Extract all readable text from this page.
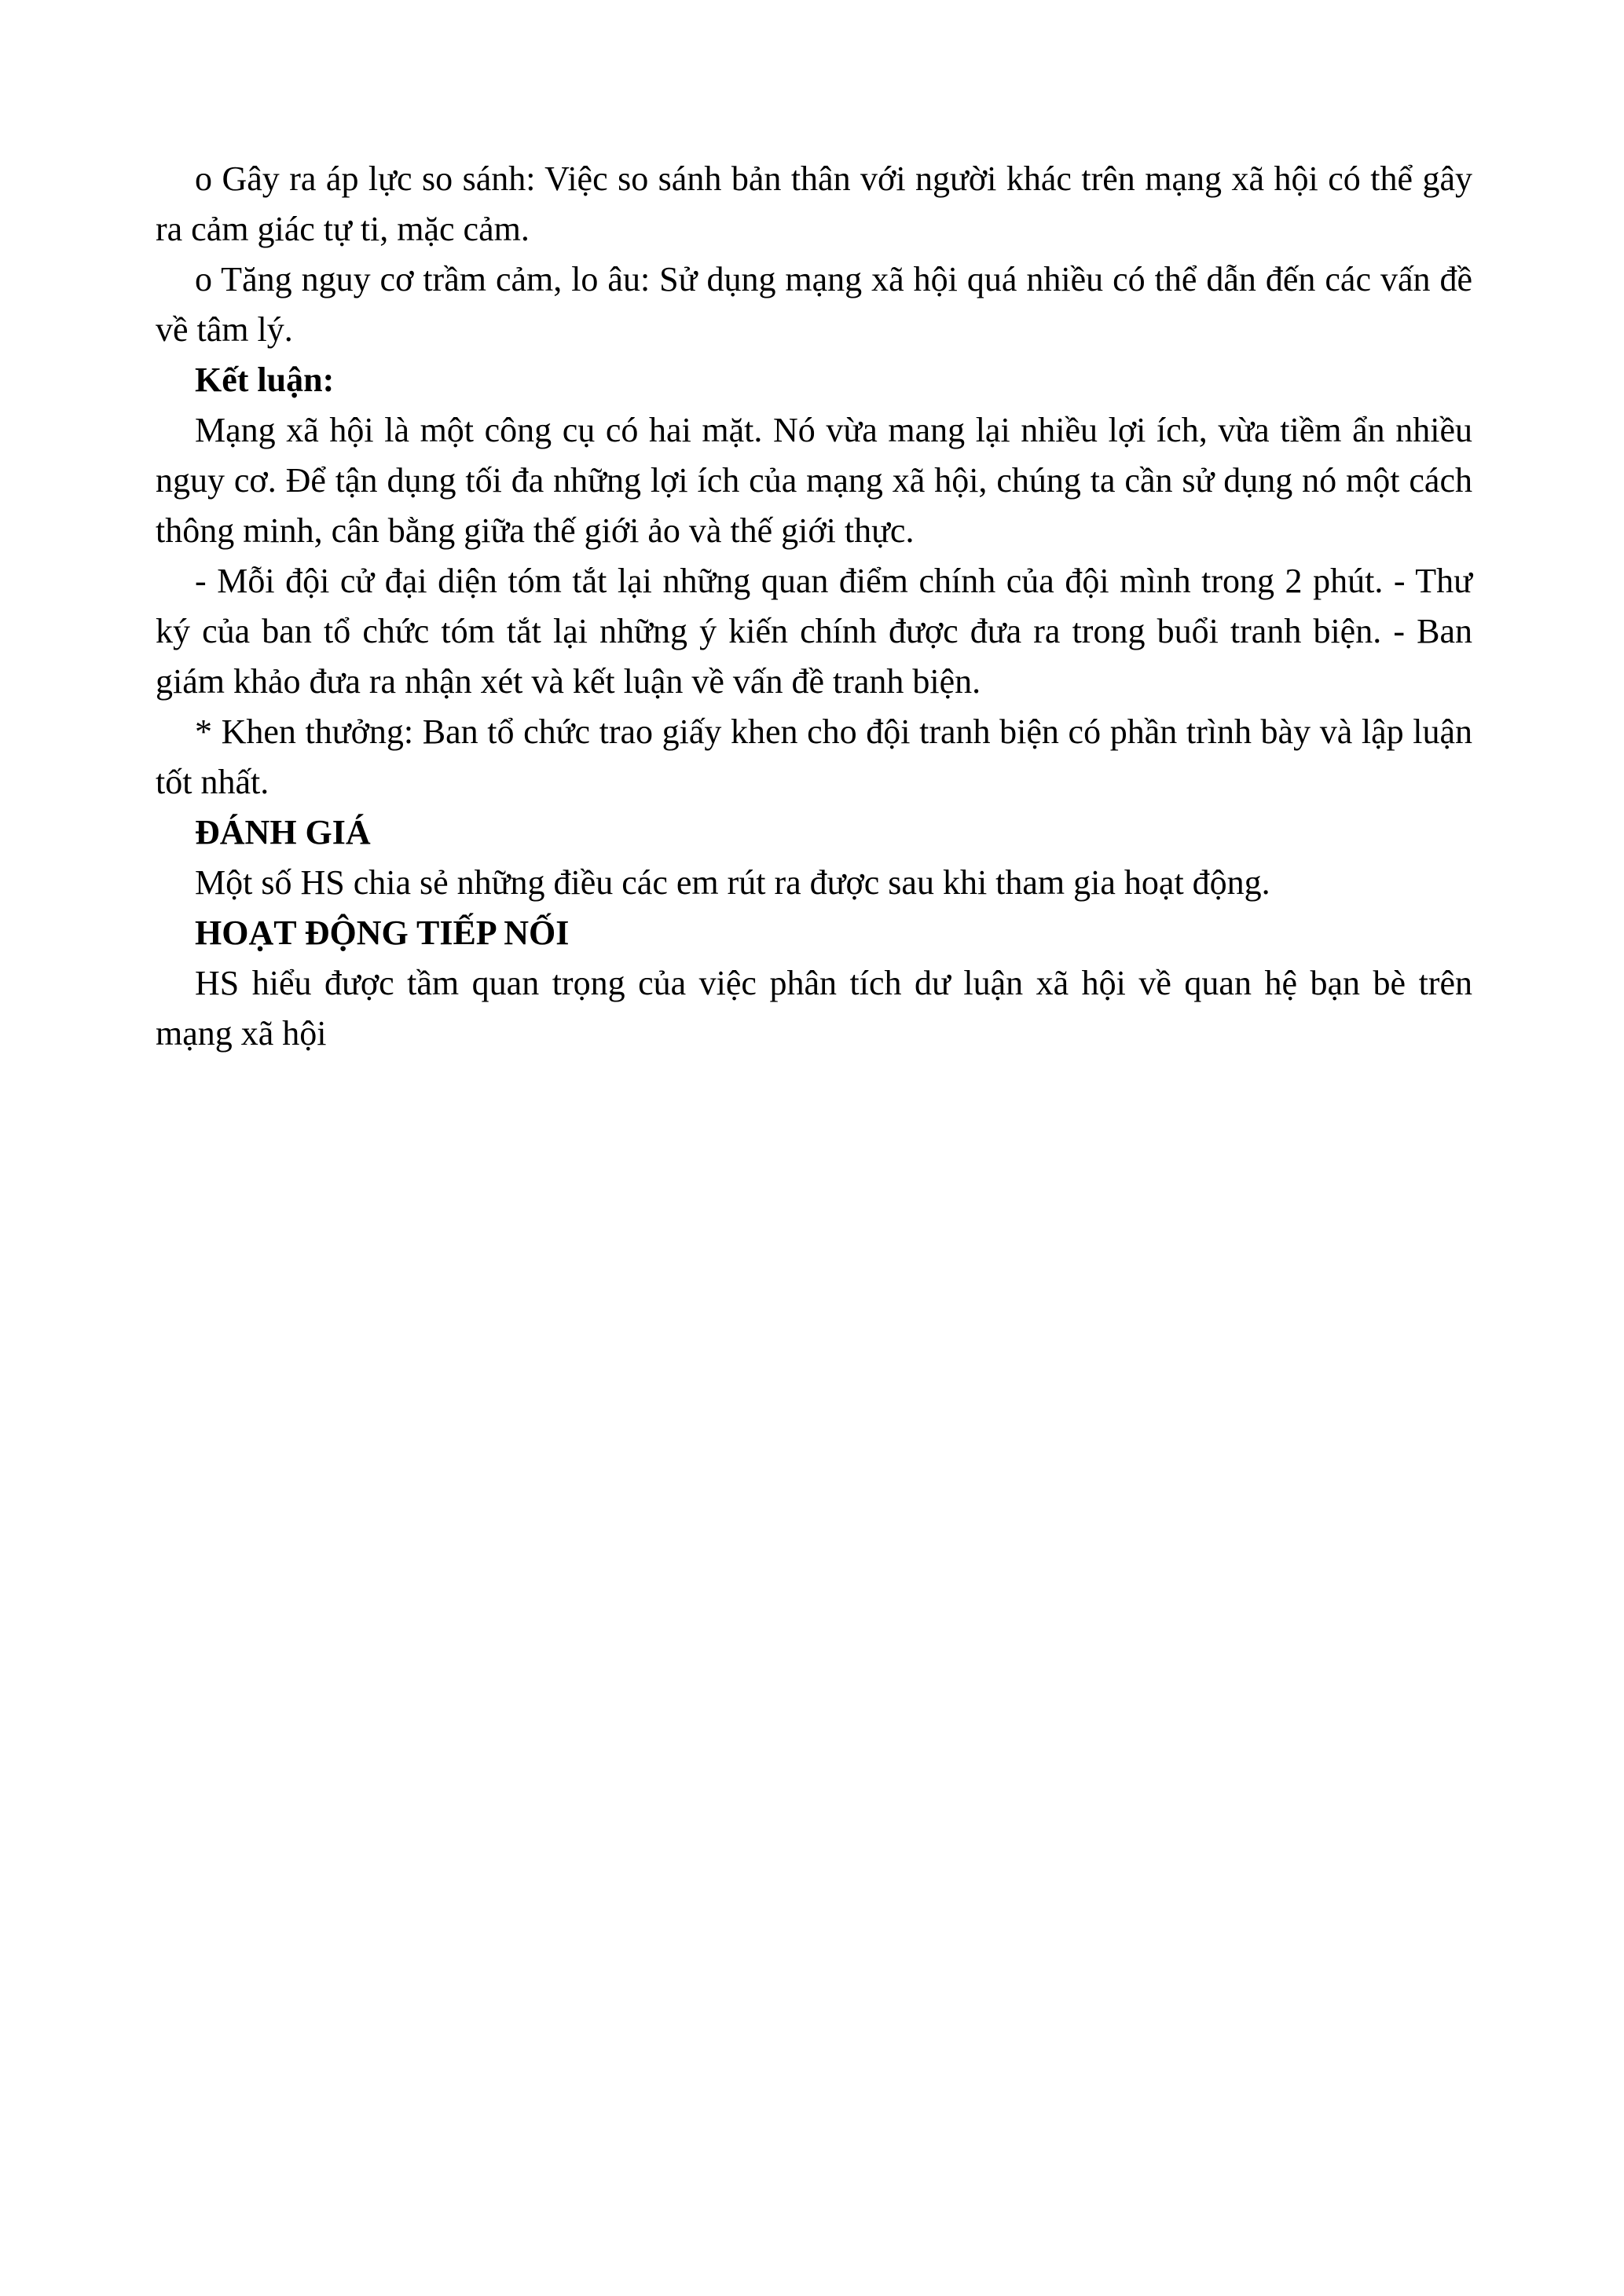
o Gây ra áp lực so sánh: Việc so sánh bản thân với người khác trên mạng xã hội có thể gây ra cảm giác tự ti, mặc cảm.

o Tăng nguy cơ trầm cảm, lo âu: Sử dụng mạng xã hội quá nhiều có thể dẫn đến các vấn đề về tâm lý.

Kết luận:

Mạng xã hội là một công cụ có hai mặt. Nó vừa mang lại nhiều lợi ích, vừa tiềm ẩn nhiều nguy cơ. Để tận dụng tối đa những lợi ích của mạng xã hội, chúng ta cần sử dụng nó một cách thông minh, cân bằng giữa thế giới ảo và thế giới thực.

- Mỗi đội cử đại diện tóm tắt lại những quan điểm chính của đội mình trong 2 phút. - Thư ký của ban tổ chức tóm tắt lại những ý kiến chính được đưa ra trong buổi tranh biện. - Ban giám khảo đưa ra nhận xét và kết luận về vấn đề tranh biện.

* Khen thưởng: Ban tổ chức trao giấy khen cho đội tranh biện có phần trình bày và lập luận tốt nhất.

ĐÁNH GIÁ

Một số HS chia sẻ những điều các em rút ra được sau khi tham gia hoạt động.

HOẠT ĐỘNG TIẾP NỐI

HS hiểu được tầm quan trọng của việc phân tích dư luận xã hội về quan hệ bạn bè trên mạng xã hội
